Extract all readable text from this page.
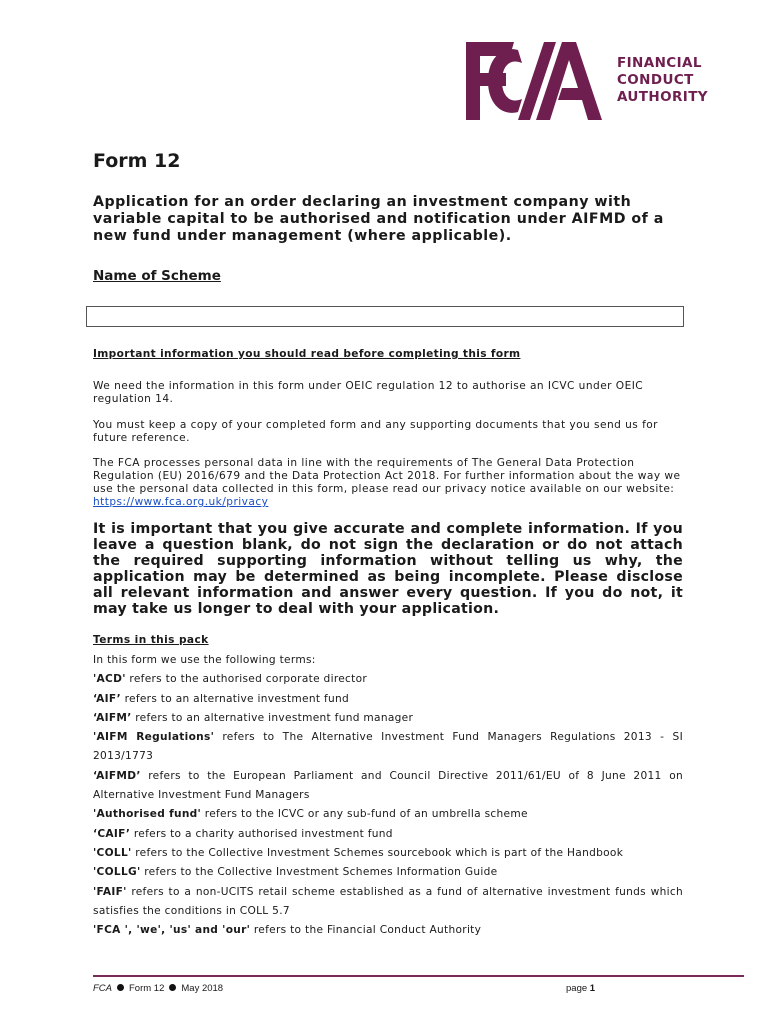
FINANCIAL
CONDUCT
AUTHORITY
Form 12
Application for an order declaring an investment company with variable capital to be authorised and notification under AIFMD of a new fund under management (where applicable).

Name of Scheme

Important information you should read before completing this form

We need the information in this form under OEIC regulation 12 to authorise an ICVC under OEIC regulation 14.

You must keep a copy of your completed form and any supporting documents that you send us for future reference.

The FCA processes personal data in line with the requirements of The General Data Protection Regulation (EU) 2016/679 and the Data Protection Act 2018. For further information about the way we use the personal data collected in this form, please read our privacy notice available on our website: https://www.fca.org.uk/privacy

It is important that you give accurate and complete information. If you leave a question blank, do not sign the declaration or do not attach the required supporting information without telling us why, the application may be determined as being incomplete. Please disclose all relevant information and answer every question. If you do not, it may take us longer to deal with your application.

Terms in this pack

In this form we use the following terms:
'ACD' refers to the authorised corporate director
‘AIF’ refers to an alternative investment fund
‘AIFM’ refers to an alternative investment fund manager
'AIFM Regulations' refers to The Alternative Investment Fund Managers Regulations 2013 - SI 2013/1773
‘AIFMD’ refers to the European Parliament and Council Directive 2011/61/EU of 8 June 2011 on Alternative Investment Fund Managers
'Authorised fund' refers to the ICVC or any sub-fund of an umbrella scheme
‘CAIF’ refers to a charity authorised investment fund
'COLL' refers to the Collective Investment Schemes sourcebook which is part of the Handbook
'COLLG' refers to the Collective Investment Schemes Information Guide
'FAIF' refers to a non-UCITS retail scheme established as a fund of alternative investment funds which satisfies the conditions in COLL 5.7
'FCA ', 'we', 'us' and 'our' refers to the Financial Conduct Authority
FCA Form 12 May 2018	page 1
